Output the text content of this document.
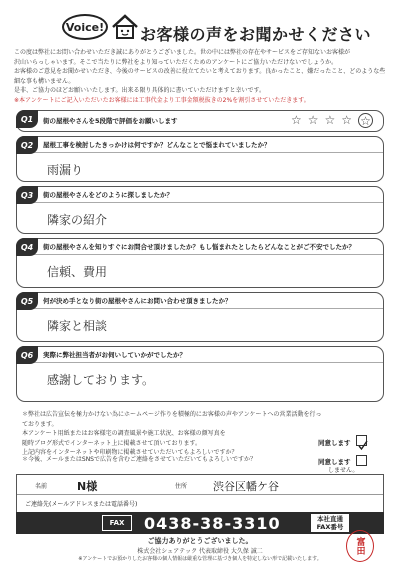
Voice! お客様の声をお聞かせください

この度は弊社にお問い合わせいただき誠にありがとうございました。世の中には弊社の存在やサービスをご存知ないお客様が

沢山いらっしゃいます。そこで当たりに弊社をより知っていただくためのアンケートにご協力いただけないでしょうか。

お客様のご意見をお聞かせいただき、今後のサービスの改善に役立てたいと考えております。良かったこと、嫌だったこと、どのような些細な事も構いません。

是非、ご協力のほどお願いいたします。出来る限り具体的に書いていただけますと幸いです。

※本アンケートにご記入いただいたお客様には工事代金より工事金額税抜きの2%を割引させていただきます。

Q1	街の屋根やさんを5段階で評価をお願いします	☆ ☆ ☆ ☆ ☆
Q2	屋根工事を検討したきっかけは何ですか？どんなことで悩まれていましたか？
雨漏り
Q3	街の屋根やさんをどのように探しましたか？
隣家の紹介
Q4	街の屋根やさんを知りすぐにお問合せ頂けましたか？もし悩まれたとしたらどんなことがご不安でしたか？
信頼、費用
Q5	何が決め手となり街の屋根やさんにお問い合わせ頂きましたか？
隣家と相談
Q6	実際に弊社担当者がお伺いしていかがでしたか？
感謝しております。

＊弊社は広告宣伝を極力かけない為にホームページ作りを積極的にお客様の声やアンケートへの営業活動を行っております。

本アンケート用紙またはお客様宅の調査風景や施工状況、お客様の顔写真を

随時ブログ形式でインターネット上に掲載させて頂いております。

上記内容をインターネットや印刷物に掲載させていただいてもよろしいですか？

同意します

＊今後、メールまたはSNSで広告を含むご連絡をさせていただいてもよろしいですか？	同意します
しません。
名前	N様	住所 渋谷区幡ケ谷
ご連絡先(メールアドレスまたは電話番号)
FAX	0438-38-3310	本社直通
FAX番号
ご協力ありがとうございました。
株式会社シェアテック 代表取締役 大久保 誠二
※アンケートでお預かりしたお客様の個人情報は厳重な管理に基づき個人を特定しない形で記載いたします。
富田
